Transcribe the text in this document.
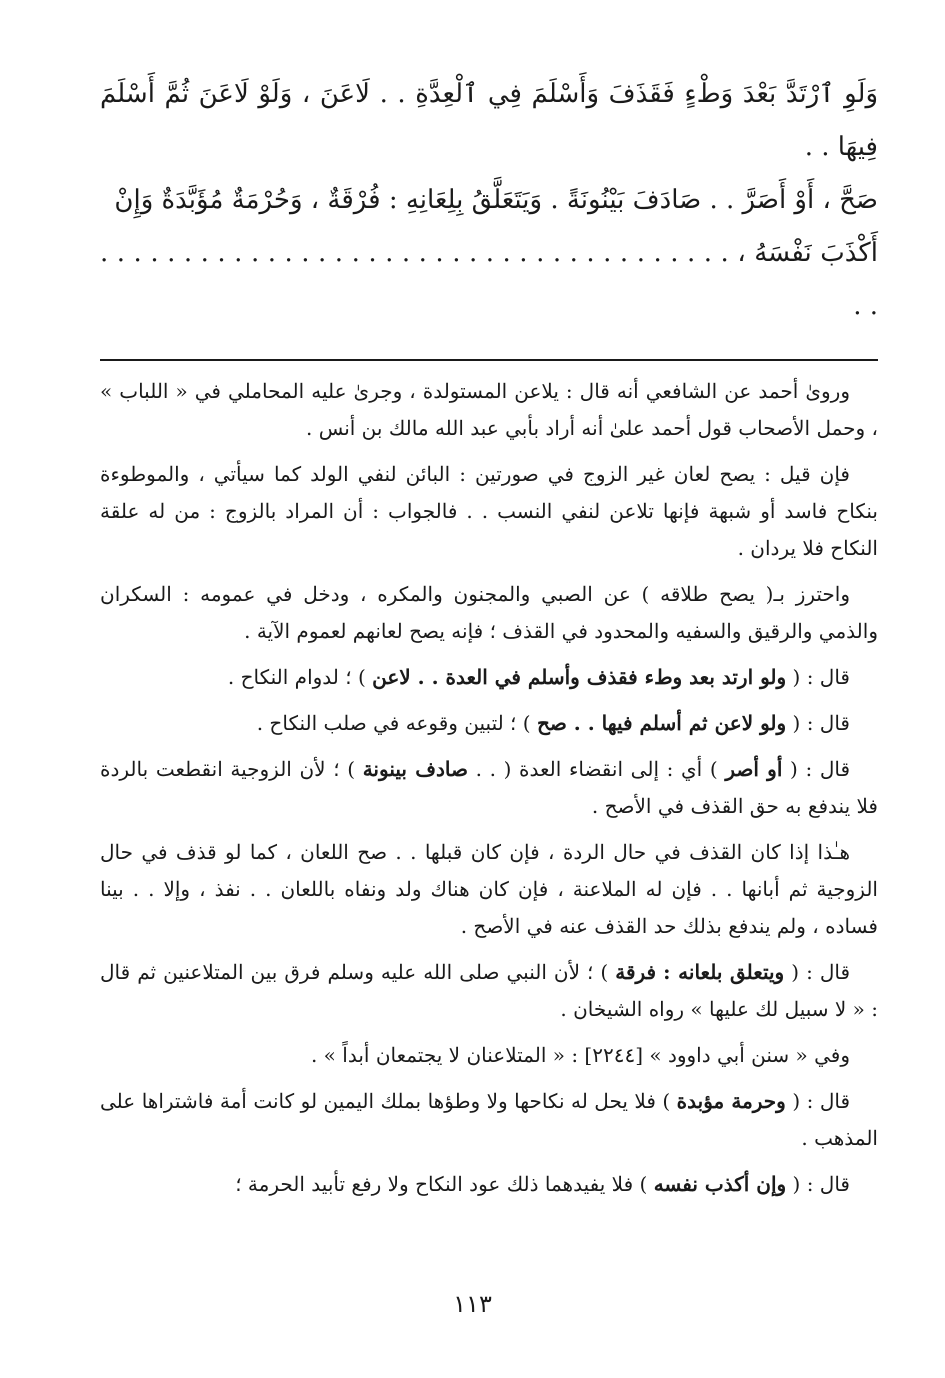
وَلَوِ ٱرْتَدَّ بَعْدَ وَطْءٍ فَقَذَفَ وَأَسْلَمَ فِي ٱلْعِدَّةِ . . لَاعَنَ ، وَلَوْ لَاعَنَ ثُمَّ أَسْلَمَ فِيهَا . .

صَحَّ ، أَوْ أَصَرَّ . . صَادَفَ بَيْنُونَةً . وَيَتَعَلَّقُ بِلِعَانِهِ : فُرْقَةٌ ، وَحُرْمَةٌ مُؤَبَّدَةٌ وَإِنْ

أَكْذَبَ نَفْسَهُ ، . . . . . . . . . . . . . . . . . . . . . . . . . . . . . . . . . . . . . . . .

ورویٰ أحمد عن الشافعي أنه قال : يلاعن المستولدة ، وجرىٰ عليه المحاملي في « اللباب » ، وحمل الأصحاب قول أحمد علىٰ أنه أراد بأبي عبد الله مالك بن أنس .

فإن قيل : يصح لعان غير الزوج في صورتين : البائن لنفي الولد كما سيأتي ، والموطوءة بنكاح فاسد أو شبهة فإنها تلاعن لنفي النسب . . فالجواب : أن المراد بالزوج : من له علقة النكاح فلا يردان .

واحترز بـ( يصح طلاقه ) عن الصبي والمجنون والمكره ، ودخل في عمومه : السكران والذمي والرقيق والسفيه والمحدود في القذف ؛ فإنه يصح لعانهم لعموم الآية .

قال : ( ولو ارتد بعد وطء فقذف وأسلم في العدة . . لاعن ) ؛ لدوام النكاح .

قال : ( ولو لاعن ثم أسلم فيها . . صح ) ؛ لتبين وقوعه في صلب النكاح .

قال : ( أو أصر ) أي : إلى انقضاء العدة ( . . صادف بينونة ) ؛ لأن الزوجية انقطعت بالردة فلا يندفع به حق القذف في الأصح .

هـٰذا إذا كان القذف في حال الردة ، فإن كان قبلها . . صح اللعان ، كما لو قذف في حال الزوجية ثم أبانها . . فإن له الملاعنة ، فإن كان هناك ولد ونفاه باللعان . . نفذ ، وإلا . . بينا فساده ، ولم يندفع بذلك حد القذف عنه في الأصح .

قال : ( ويتعلق بلعانه : فرقة ) ؛ لأن النبي صلى الله عليه وسلم فرق بين المتلاعنين ثم قال : « لا سبيل لك عليها » رواه الشيخان .

وفي « سنن أبي داوود » [٢٢٤٤] : « المتلاعنان لا يجتمعان أبداً » .

قال : ( وحرمة مؤبدة ) فلا يحل له نكاحها ولا وطؤها بملك اليمين لو كانت أمة فاشتراها على المذهب .

قال : ( وإن أكذب نفسه ) فلا يفيدهما ذلك عود النكاح ولا رفع تأبيد الحرمة ؛

١١٣
